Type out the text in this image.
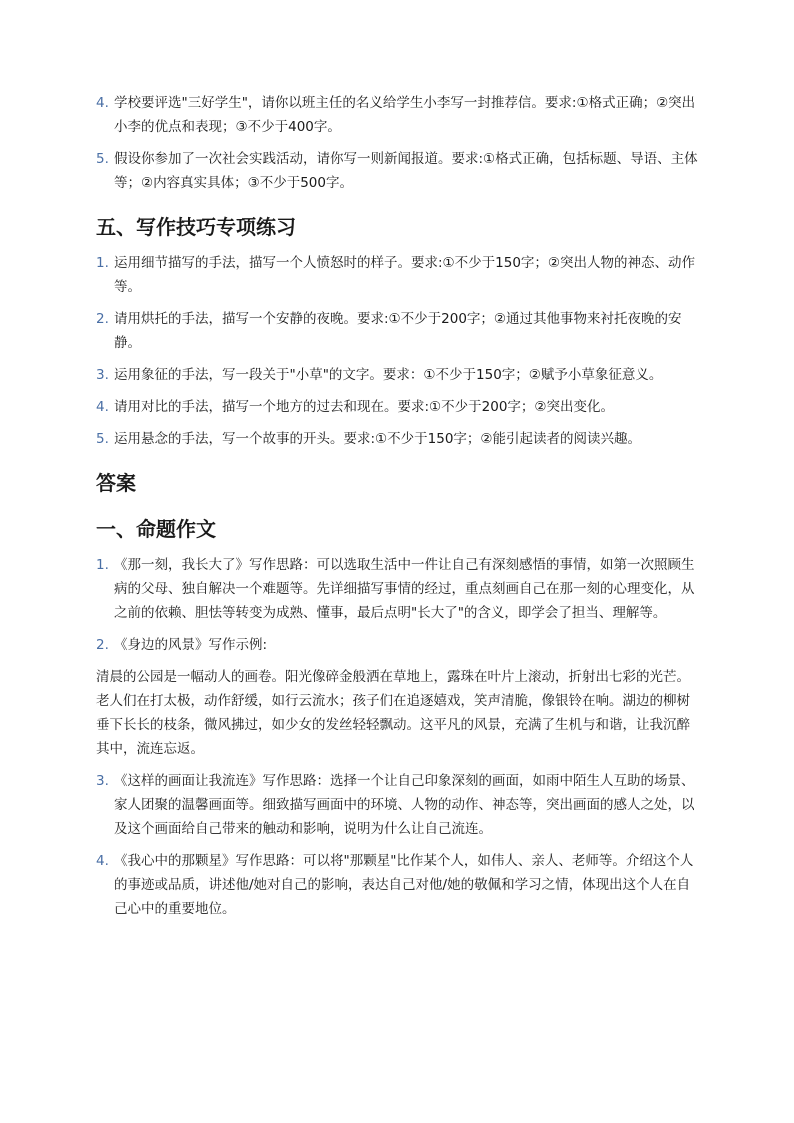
4. 学校要评选"三好学生"，请你以班主任的名义给学生小李写一封推荐信。要求:①格式正确；②突出小李的优点和表现；③不少于400字。
5. 假设你参加了一次社会实践活动，请你写一则新闻报道。要求:①格式正确，包括标题、导语、主体等；②内容真实具体；③不少于500字。
五、写作技巧专项练习
1. 运用细节描写的手法，描写一个人愤怒时的样子。要求:①不少于150字；②突出人物的神态、动作等。
2. 请用烘托的手法，描写一个安静的夜晚。要求:①不少于200字；②通过其他事物来衬托夜晚的安静。
3. 运用象征的手法，写一段关于"小草"的文字。要求：①不少于150字；②赋予小草象征意义。
4. 请用对比的手法，描写一个地方的过去和现在。要求:①不少于200字；②突出变化。
5. 运用悬念的手法，写一个故事的开头。要求:①不少于150字；②能引起读者的阅读兴趣。
答案
一、命题作文
1. 《那一刻，我长大了》写作思路：可以选取生活中一件让自己有深刻感悟的事情，如第一次照顾生病的父母、独自解决一个难题等。先详细描写事情的经过，重点刻画自己在那一刻的心理变化，从之前的依赖、胆怯等转变为成熟、懂事，最后点明"长大了"的含义，即学会了担当、理解等。
2. 《身边的风景》写作示例:

清晨的公园是一幅动人的画卷。阳光像碎金般洒在草地上，露珠在叶片上滚动，折射出七彩的光芒。老人们在打太极，动作舒缓，如行云流水；孩子们在追逐嬉戏，笑声清脆，像银铃在响。湖边的柳树垂下长长的枝条，微风拂过，如少女的发丝轻轻飘动。这平凡的风景，充满了生机与和谐，让我沉醉其中，流连忘返。

3. 《这样的画面让我流连》写作思路：选择一个让自己印象深刻的画面，如雨中陌生人互助的场景、家人团聚的温馨画面等。细致描写画面中的环境、人物的动作、神态等，突出画面的感人之处，以及这个画面给自己带来的触动和影响，说明为什么让自己流连。
4. 《我心中的那颗星》写作思路：可以将"那颗星"比作某个人，如伟人、亲人、老师等。介绍这个人的事迹或品质，讲述他/她对自己的影响，表达自己对他/她的敬佩和学习之情，体现出这个人在自己心中的重要地位。
